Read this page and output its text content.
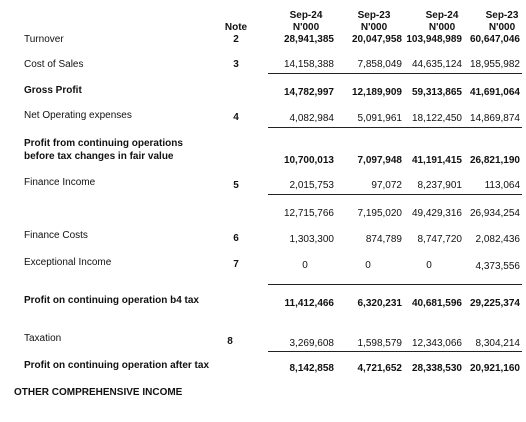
Note
Sep-24	Sep-23	Sep-24	Sep-23
N'000	N'000	N'000	N'000
Turnover	2	28,941,385	20,047,958 103,948,989 60,647,046
Cost of Sales	3	14,158,388	7,858,049 44,635,124 18,955,982
Gross Profit	14,782,997	12,189,909 59,313,865 41,691,064
Net Operating expenses	4	4,082,984	5,091,961 18,122,450 14,869,874
Profit from continuing operations
before tax changes in fair value	10,700,013	7,097,948 41,191,415 26,821,190
Finance Income	5	2,015,753	97,072	8,237,901	113,064
12,715,766	7,195,020 49,429,316 26,934,254
Finance Costs	6	1,303,300	874,789	8,747,720	2,082,436
Exceptional Income	7	0	0	0	4,373,556
Profit on continuing operation b4 tax	11,412,466	6,320,231 40,681,596 29,225,374
Taxation	8	3,269,608	1,598,579 12,343,066	8,304,214
Profit on continuing operation after tax	8,142,858	4,721,652 28,338,530 20,921,160
OTHER COMPREHENSIVE INCOME
